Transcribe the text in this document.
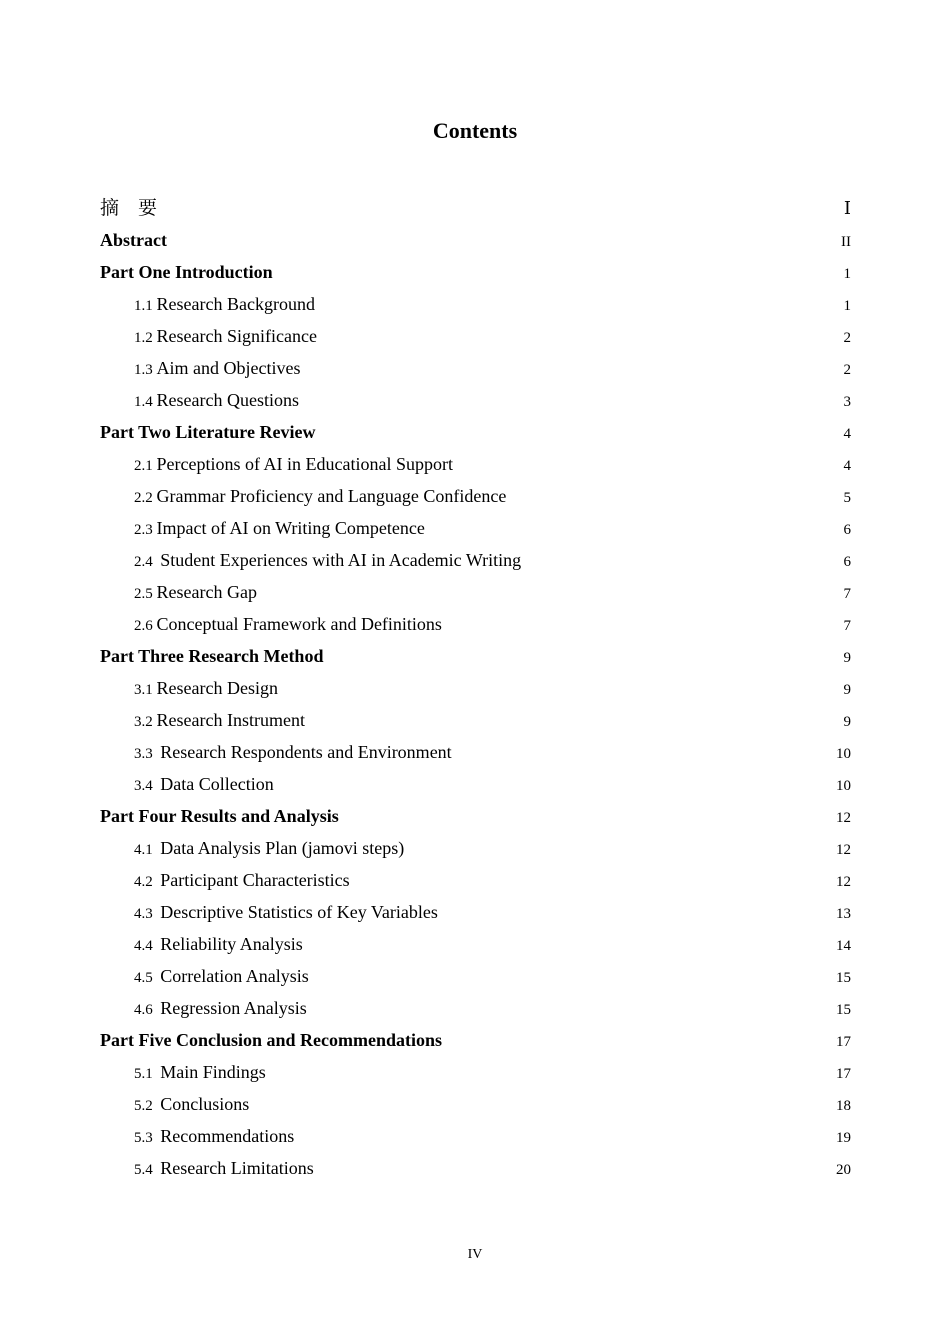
Contents
摘　要	Ⅰ
Abstract	II
Part One Introduction	1
1.1 Research Background	1
1.2 Research Significance	2
1.3 Aim and Objectives	2
1.4 Research Questions	3
Part Two Literature Review	4
2.1 Perceptions of AI in Educational Support	4
2.2 Grammar Proficiency and Language Confidence	5
2.3 Impact of AI on Writing Competence	6
2.4 Student Experiences with AI in Academic Writing	6
2.5 Research Gap	7
2.6 Conceptual Framework and Definitions	7
Part Three Research Method	9
3.1 Research Design	9
3.2 Research Instrument	9
3.3 Research Respondents and Environment	10
3.4 Data Collection	10
Part Four Results and Analysis	12
4.1 Data Analysis Plan (jamovi steps)	12
4.2 Participant Characteristics	12
4.3 Descriptive Statistics of Key Variables	13
4.4 Reliability Analysis	14
4.5 Correlation Analysis	15
4.6 Regression Analysis	15
Part Five Conclusion and Recommendations	17
5.1 Main Findings	17
5.2 Conclusions	18
5.3 Recommendations	19
5.4 Research Limitations	20
IV
